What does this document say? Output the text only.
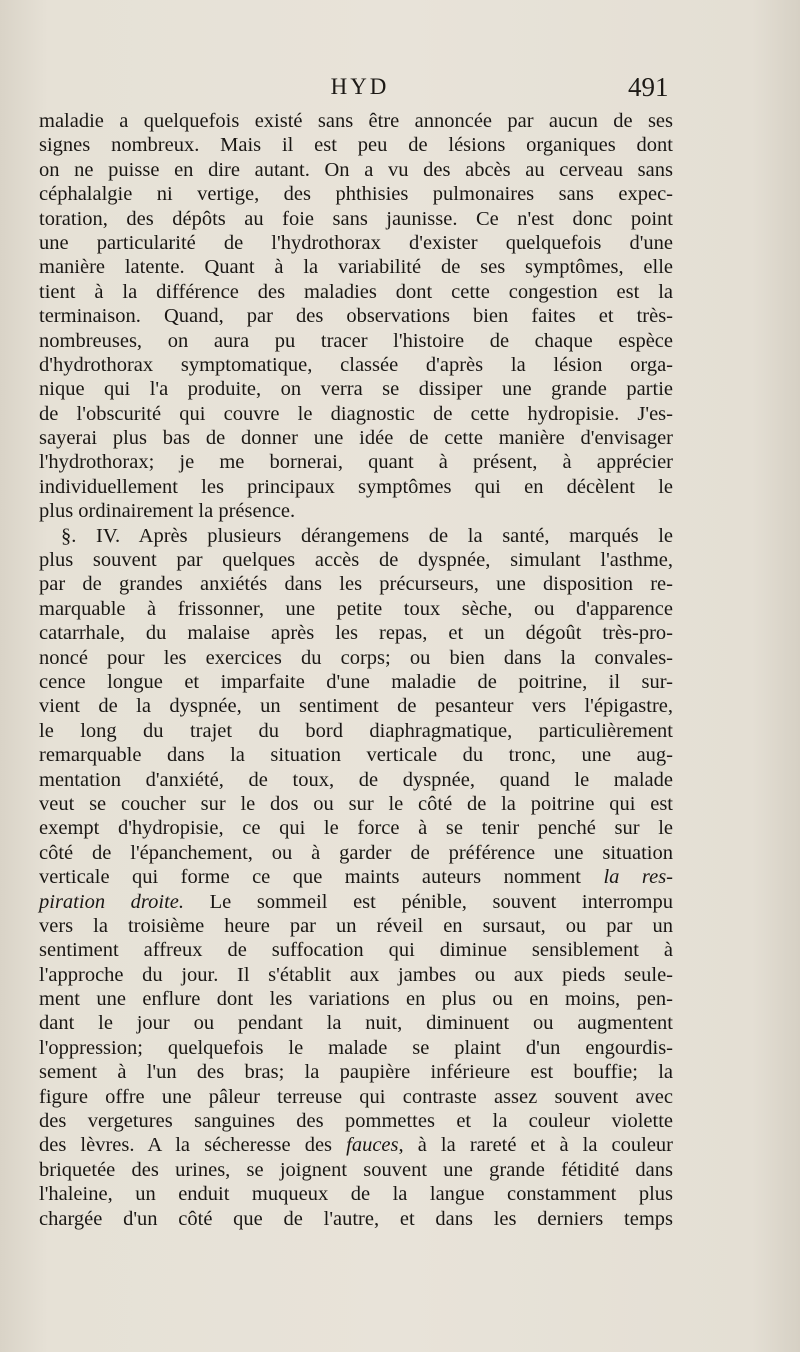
HYD	491
maladie a quelquefois existé sans être annoncée par aucun de ses
signes nombreux. Mais il est peu de lésions organiques dont
on ne puisse en dire autant. On a vu des abcès au cerveau sans
céphalalgie ni vertige, des phthisies pulmonaires sans expec-
toration, des dépôts au foie sans jaunisse. Ce n'est donc point
une particularité de l'hydrothorax d'exister quelquefois d'une
manière latente. Quant à la variabilité de ses symptômes, elle
tient à la différence des maladies dont cette congestion est la
terminaison. Quand, par des observations bien faites et très-
nombreuses, on aura pu tracer l'histoire de chaque espèce
d'hydrothorax symptomatique, classée d'après la lésion orga-
nique qui l'a produite, on verra se dissiper une grande partie
de l'obscurité qui couvre le diagnostic de cette hydropisie. J'es-
sayerai plus bas de donner une idée de cette manière d'envisager
l'hydrothorax; je me bornerai, quant à présent, à apprécier
individuellement les principaux symptômes qui en décèlent le
plus ordinairement la présence.
§. IV. Après plusieurs dérangemens de la santé, marqués le
plus souvent par quelques accès de dyspnée, simulant l'asthme,
par de grandes anxiétés dans les précurseurs, une disposition re-
marquable à frissonner, une petite toux sèche, ou d'apparence
catarrhale, du malaise après les repas, et un dégoût très-pro-
noncé pour les exercices du corps; ou bien dans la convales-
cence longue et imparfaite d'une maladie de poitrine, il sur-
vient de la dyspnée, un sentiment de pesanteur vers l'épigastre,
le long du trajet du bord diaphragmatique, particulièrement
remarquable dans la situation verticale du tronc, une aug-
mentation d'anxiété, de toux, de dyspnée, quand le malade
veut se coucher sur le dos ou sur le côté de la poitrine qui est
exempt d'hydropisie, ce qui le force à se tenir penché sur le
côté de l'épanchement, ou à garder de préférence une situation
verticale qui forme ce que maints auteurs nomment la res-
piration droite. Le sommeil est pénible, souvent interrompu
vers la troisième heure par un réveil en sursaut, ou par un
sentiment affreux de suffocation qui diminue sensiblement à
l'approche du jour. Il s'établit aux jambes ou aux pieds seule-
ment une enflure dont les variations en plus ou en moins, pen-
dant le jour ou pendant la nuit, diminuent ou augmentent
l'oppression; quelquefois le malade se plaint d'un engourdis-
sement à l'un des bras; la paupière inférieure est bouffie; la
figure offre une pâleur terreuse qui contraste assez souvent avec
des vergetures sanguines des pommettes et la couleur violette
des lèvres. A la sécheresse des fauces, à la rareté et à la couleur
briquetée des urines, se joignent souvent une grande fétidité dans
l'haleine, un enduit muqueux de la langue constamment plus
chargée d'un côté que de l'autre, et dans les derniers temps
